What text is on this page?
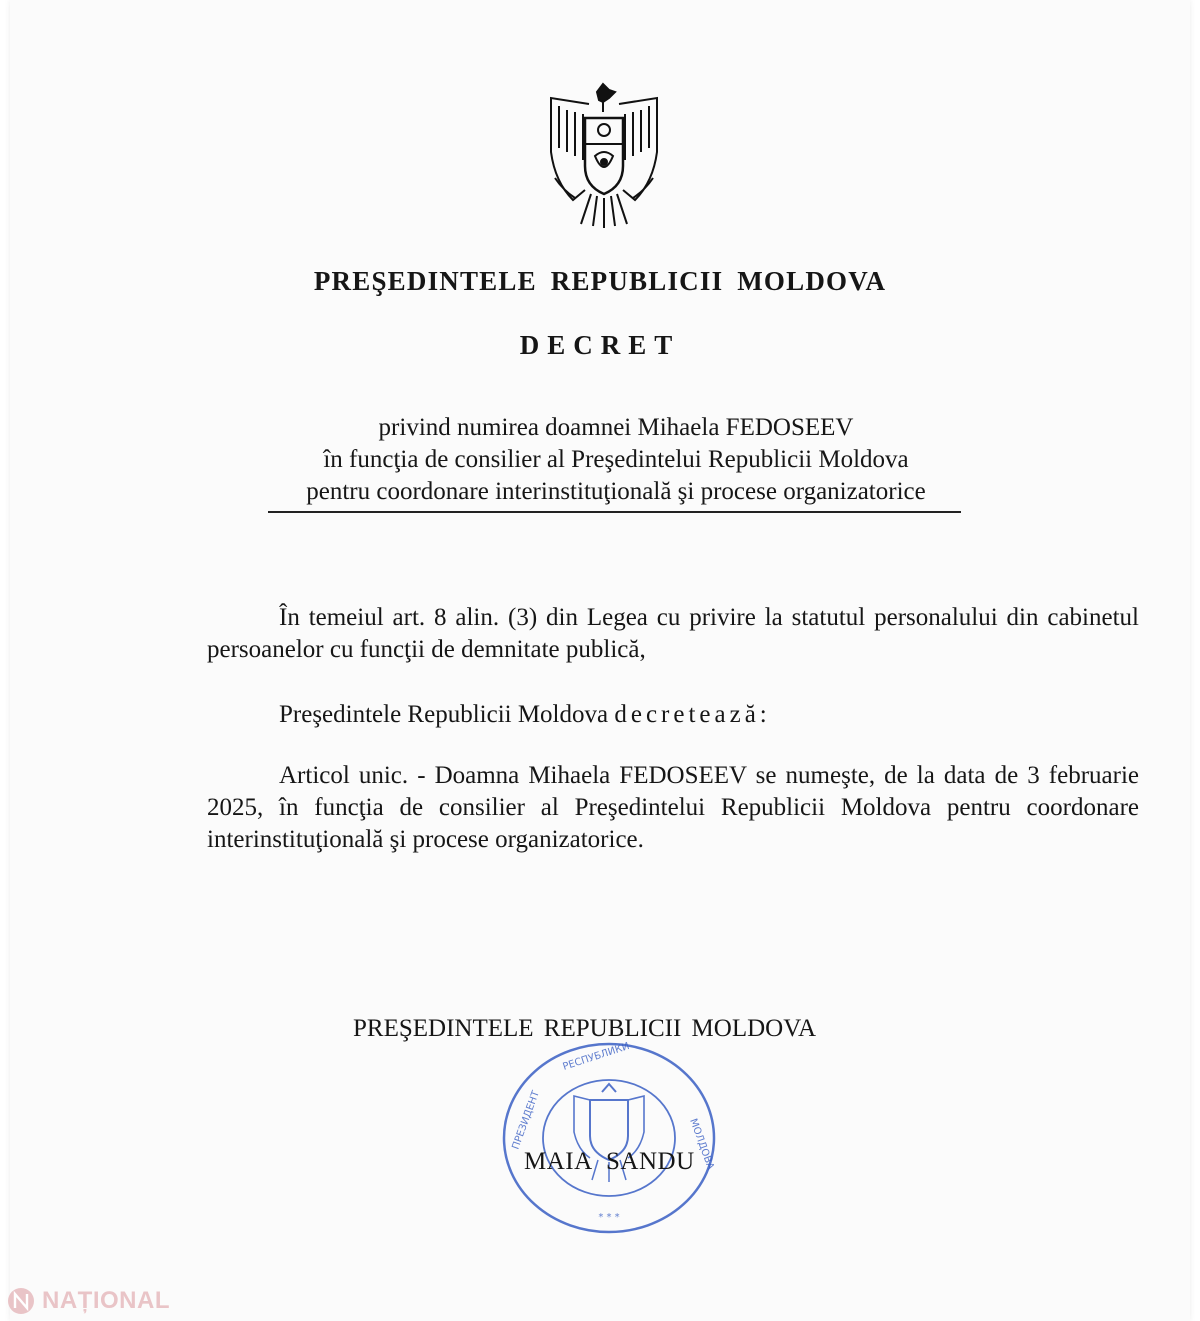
PREŞEDINTELE REPUBLICII MOLDOVA
DECRET
privind numirea doamnei Mihaela FEDOSEEV
în funcţia de consilier al Preşedintelui Republicii Moldova
pentru coordonare interinstituţională şi procese organizatorice
În temeiul art. 8 alin. (3) din Legea cu privire la statutul personalului din cabinetul persoanelor cu funcţii de demnitate publică,
Preşedintele Republicii Moldova decretează:
Articol unic. - Doamna Mihaela FEDOSEEV se numeşte, de la data de 3 februarie 2025, în funcţia de consilier al Preşedintelui Republicii Moldova pentru coordonare interinstituţională şi procese organizatorice.
PREŞEDINTELE REPUBLICII MOLDOVA
ПРЕЗИДЕНТ	МОЛДОВА
РЕСПУБЛИКИ
* * *
MAIA SANDU
NAȚIONAL
